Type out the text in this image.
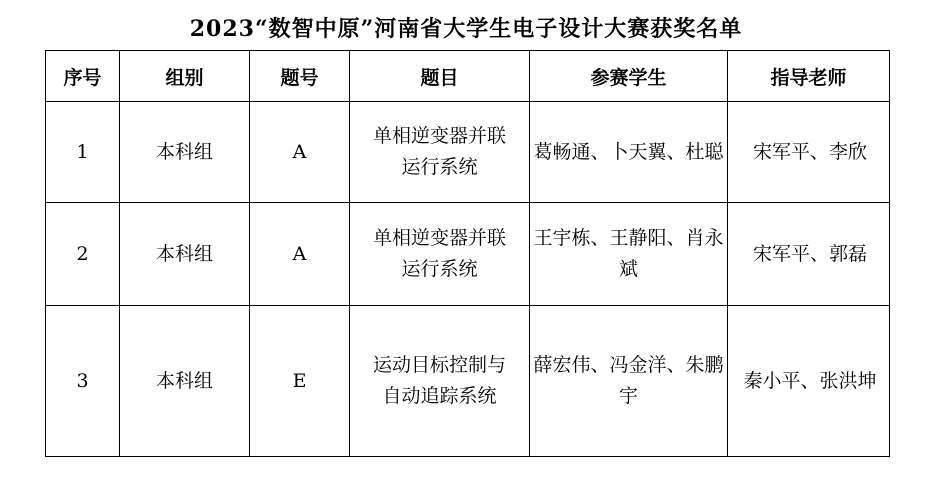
2023“数智中原”河南省大学生电子设计大赛获奖名单
序号	组别	题号	题目	参赛学生	指导老师
1	本科组	A	单相逆变器并联运行系统	葛畅通、卜天翼、杜聪	宋军平、李欣

2	本科组	A	单相逆变器并联运行系统	王宇栋、王静阳、肖永斌	宋军平、郭磊

3	本科组	E	运动目标控制与自动追踪系统	薛宏伟、冯金洋、朱鹏宇	秦小平、张洪坤
